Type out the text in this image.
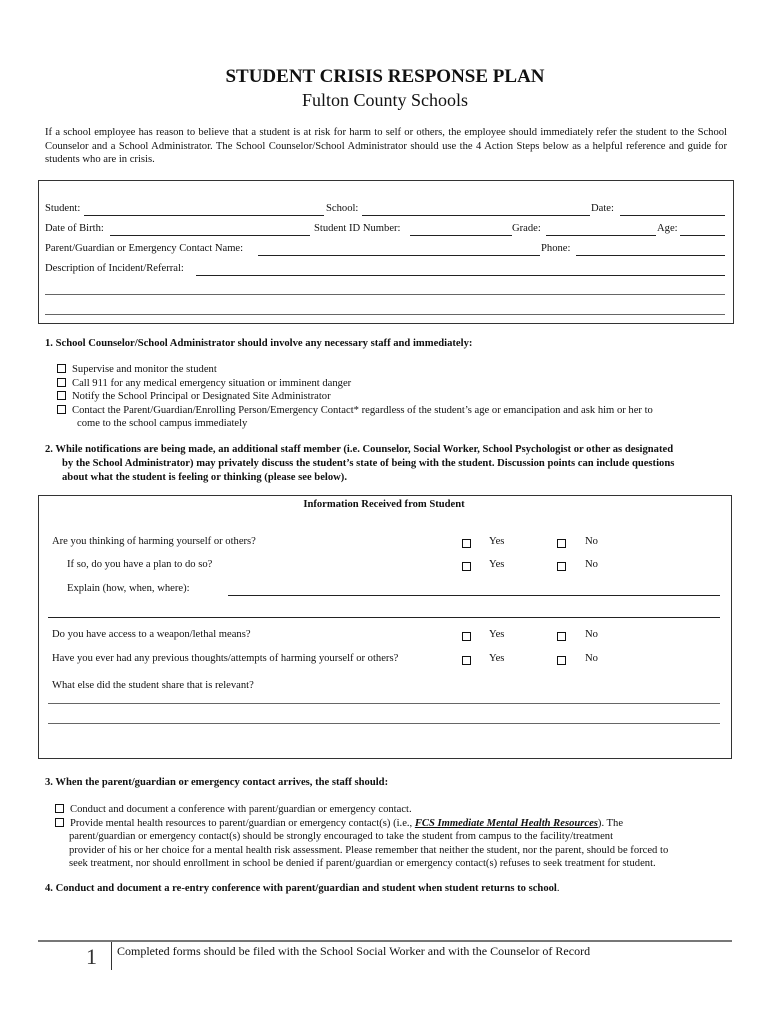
STUDENT CRISIS RESPONSE PLAN
Fulton County Schools
If a school employee has reason to believe that a student is at risk for harm to self or others, the employee should immediately refer the student to the School Counselor and a School Administrator. The School Counselor/School Administrator should use the 4 Action Steps below as a helpful reference and guide for students who are in crisis.
Student:	School:	Date:
Date of Birth:	Student ID Number:	Grade:	Age:
Parent/Guardian or Emergency Contact Name:	Phone:
Description of Incident/Referral:
1. School Counselor/School Administrator should involve any necessary staff and immediately:
Supervise and monitor the student
Call 911 for any medical emergency situation or imminent danger
Notify the School Principal or Designated Site Administrator
Contact the Parent/Guardian/Enrolling Person/Emergency Contact* regardless of the student’s age or emancipation and ask him or her to
come to the school campus immediately
2. While notifications are being made, an additional staff member (i.e. Counselor, Social Worker, School Psychologist or other as designated
by the School Administrator) may privately discuss the student’s state of being with the student. Discussion points can include questions
about what the student is feeling or thinking (please see below).
Information Received from Student
Are you thinking of harming yourself or others?	Yes	No
If so, do you have a plan to do so?	Yes	No
Explain (how, when, where):
Do you have access to a weapon/lethal means?	Yes	No
Have you ever had any previous thoughts/attempts of harming yourself or others?	Yes	No
What else did the student share that is relevant?
3. When the parent/guardian or emergency contact arrives, the staff should:
Conduct and document a conference with parent/guardian or emergency contact.
Provide mental health resources to parent/guardian or emergency contact(s) (i.e., FCS Immediate Mental Health Resources). The
parent/guardian or emergency contact(s) should be strongly encouraged to take the student from campus to the facility/treatment
provider of his or her choice for a mental health risk assessment. Please remember that neither the student, nor the parent, should be forced to
seek treatment, nor should enrollment in school be denied if parent/guardian or emergency contact(s) refuses to seek treatment for student.
4. Conduct and document a re-entry conference with parent/guardian and student when student returns to school.
1 Completed forms should be filed with the School Social Worker and with the Counselor of Record
